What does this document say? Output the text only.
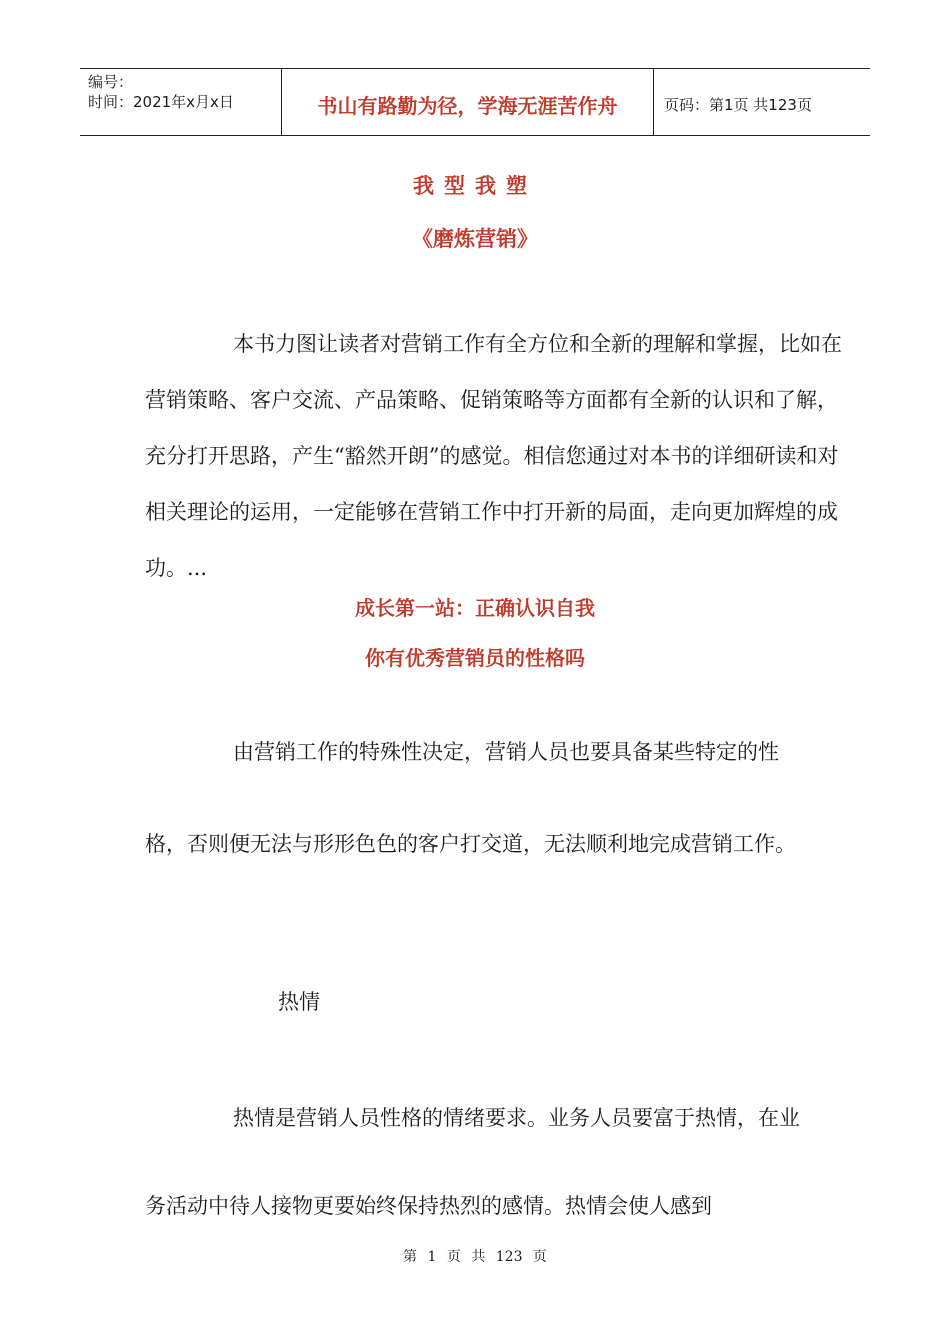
编号：
时间：2021年x月x日	书山有路勤为径，学海无涯苦作舟	页码：第1页 共123页
我型我塑
《磨炼营销》
本书力图让读者对营销工作有全方位和全新的理解和掌握，比如在营销策略、客户交流、产品策略、促销策略等方面都有全新的认识和了解，充分打开思路，产生“豁然开朗”的感觉。相信您通过对本书的详细研读和对相关理论的运用，一定能够在营销工作中打开新的局面，走向更加辉煌的成功。...
成长第一站：正确认识自我
你有优秀营销员的性格吗
由营销工作的特殊性决定，营销人员也要具备某些特定的性格，否则便无法与形形色色的客户打交道，无法顺利地完成营销工作。
热情
热情是营销人员性格的情绪要求。业务人员要富于热情，在业务活动中待人接物更要始终保持热烈的感情。热情会使人感到
第 1 页 共 123 页
